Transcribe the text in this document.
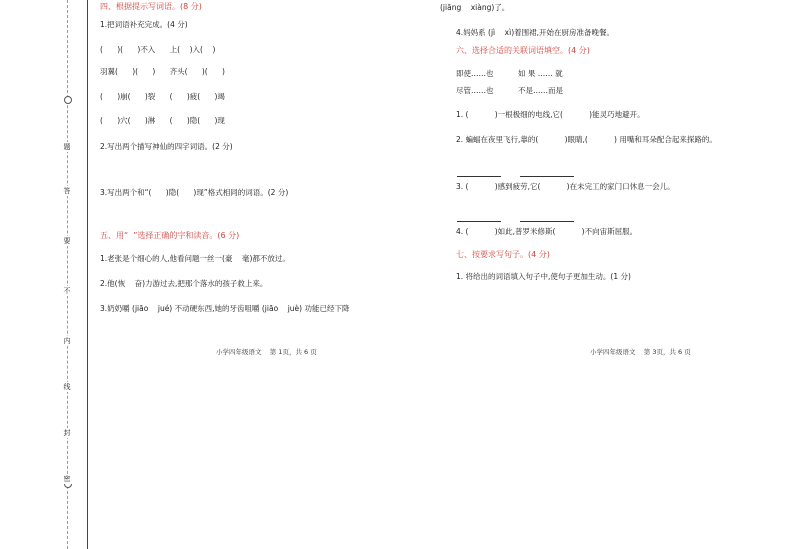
题
答
要
不
内
线
封
密
四、根据提示写词语。(8 分)
1.把词语补充完成。(4 分)
(      )(      )不入      上(    )入(    )
羽翼(      )(      )      齐头(      )(      )
(      )崩(      )裂      (      )疲(      )竭
(      )穴(      )淋      (      )隐(      )现
2.写出两个描写神仙的四字词语。(2 分)
3.写出两个和“(      )隐(      )现”格式相同的词语。(2 分)
五、用“  ”选择正确的字和读音。(6 分)
1.老张是个细心的人,他看问题一丝一(豪    毫)都不放过。
2.他(恢    奋)力游过去,把那个落水的孩子救上来。
3.奶奶嚼 (jiāo    jué) 不动硬东西,她的牙齿咀嚼 (jiāo    juè) 功能已经下降
小学四年级语文    第 1页，共 6 页
(jiāng    xiàng)了。
4.妈妈系 (jì    xì)着围裙,开始在厨房准备晚餐。
六、选择合适的关联词语填空。(4 分)
即使……也	如 果 …… 就
尽管……也	不是……而是
1. (           )一根极细的电线,它(           )能灵巧地避开。
2. 蝙蝠在夜里飞行,靠的(           )眼睛,(           ) 用嘴和耳朵配合起来探路的。
3. (           )感到疲劳,它(           )在未完工的家门口休息一会儿。
4. (           )如此,普罗米修斯(           )不向宙斯屈服。
七、按要求写句子。(4 分)
1. 将给出的词语填入句子中,使句子更加生动。(1 分)
小学四年级语文    第 3页，共 6 页
